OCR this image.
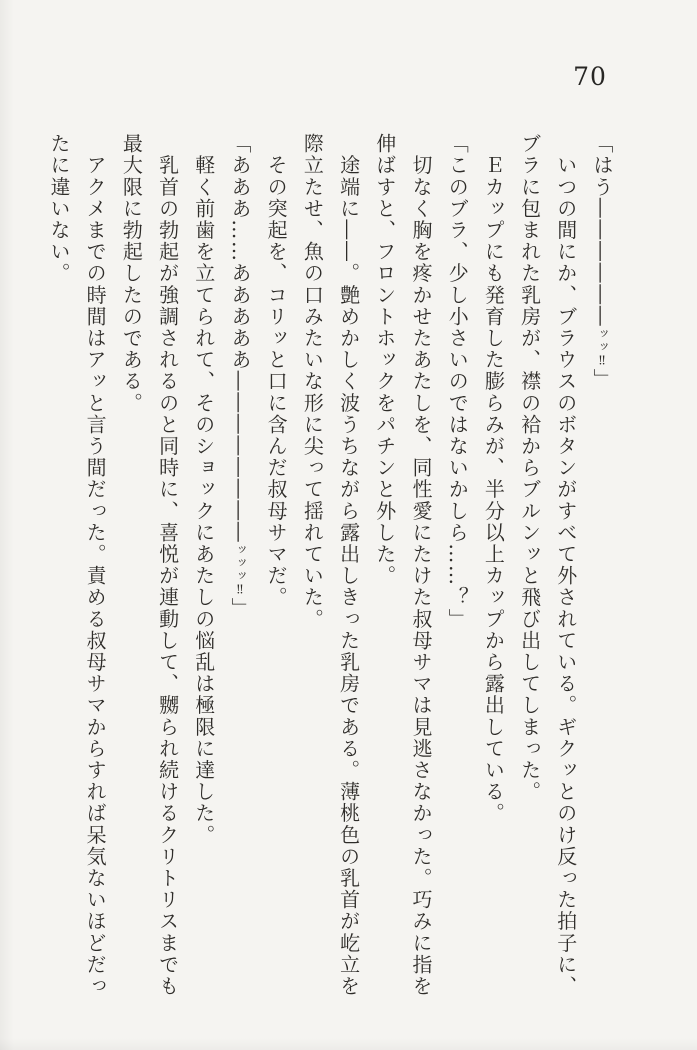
70

「はう――――――ッッ‼」

　いつの間にか、ブラウスのボタンがすべて外されている。ギクッとのけ反った拍子に、

ブラに包まれた乳房が、襟の袷からブルンッと飛び出してしまった。

　Ｅカップにも発育した膨らみが、半分以上カップから露出している。

「このブラ、少し小さいのではないかしら……？」

　切なく胸を疼かせたあたしを、同性愛にたけた叔母サマは見逃さなかった。巧みに指を

伸ばすと、フロントホックをパチンと外した。

　途端に――。艶めかしく波うちながら露出しきった乳房である。薄桃色の乳首が屹立を

際立たせ、魚の口みたいな形に尖って揺れていた。

　その突起を、コリッと口に含んだ叔母サマだ。

「あああ……あああああ――――――――ッッッ‼」

　軽く前歯を立てられて、そのショックにあたしの悩乱は極限に達した。

　乳首の勃起が強調されるのと同時に、喜悦が連動して、嬲られ続けるクリトリスまでも

最大限に勃起したのである。

　アクメまでの時間はアッと言う間だった。責める叔母サマからすれば呆気ないほどだっ

たに違いない。
